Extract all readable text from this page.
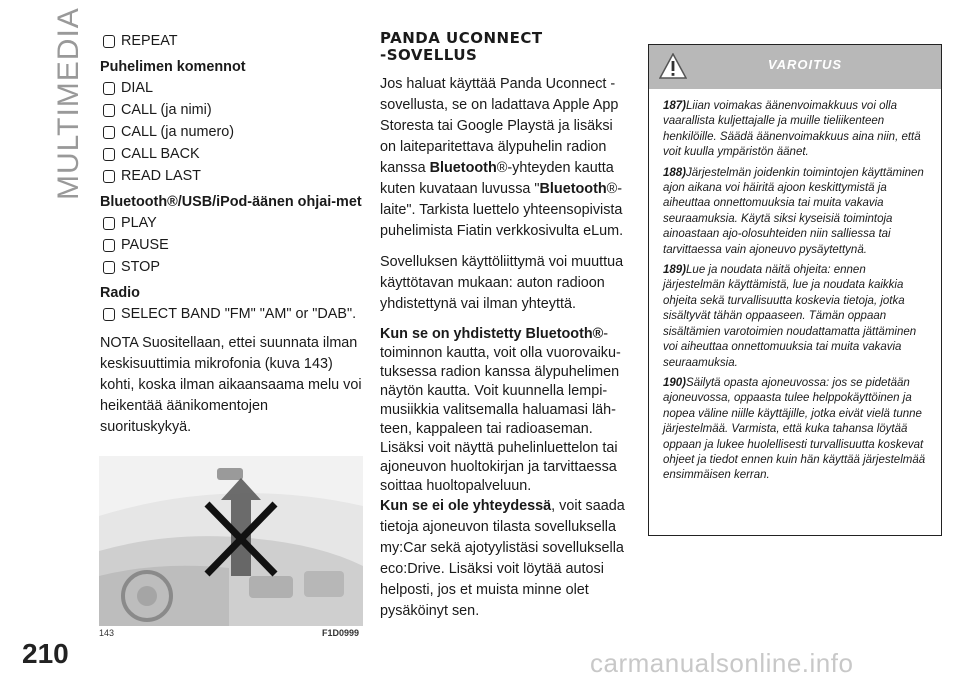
MULTIMEDIA
210
REPEAT
Puhelimen komennot
DIAL
CALL (ja nimi)
CALL (ja numero)
CALL BACK
READ LAST
Bluetooth®/USB/iPod-äänen ohjai-met
PLAY
PAUSE
STOP
Radio
SELECT BAND "FM" "AM" or "DAB".

NOTA Suositellaan, ettei suunnata ilman keskisuuttimia mikrofonia (kuva 143) kohti, koska ilman aikaansaama melu voi heikentää äänikomentojen suorituskykyä.

143	F1D0999
PANDA UCONNECT
-SOVELLUS

Jos haluat käyttää Panda Uconnect -sovellusta, se on ladattava Apple App Storesta tai Google Playstä ja lisäksi on laiteparitettava älypuhelin radion kanssa Bluetooth®-yhteyden kautta kuten kuvataan luvussa "Bluetooth®-laite". Tarkista luettelo yhteensopivista puhelimista Fiatin verkkosivulta eLum.

Sovelluksen käyttöliittymä voi muuttua käyttötavan mukaan: auton radioon yhdistettynä vai ilman yhteyttä.

Kun se on yhdistetty Bluetooth®-toiminnon kautta, voit olla vuorovaiku-tuksessa radion kanssa älypuhelimen näytön kautta. Voit kuunnella lempi-musiikkia valitsemalla haluamasi läh-teen, kappaleen tai radioaseman. Lisäksi voit näyttä puhelinluettelon tai ajoneuvon huoltokirjan ja tarvittaessa soittaa huoltopalveluun.

Kun se ei ole yhteydessä, voit saada tietoja ajoneuvon tilasta sovelluksella my:Car sekä ajotyylistäsi sovelluksella eco:Drive. Lisäksi voit löytää autosi helposti, jos et muista minne olet pysäköinyt sen.

VAROITUS
187)Liian voimakas äänenvoimakkuus voi olla vaarallista kuljettajalle ja muille tieliikenteen henkilöille. Säädä äänenvoimakkuus aina niin, että voit kuulla ympäristön äänet.
188)Järjestelmän joidenkin toimintojen käyttäminen ajon aikana voi häiritä ajoon keskittymistä ja aiheuttaa onnettomuuksia tai muita vakavia seuraamuksia. Käytä siksi kyseisiä toimintoja ainoastaan ajo-olosuhteiden niin salliessa tai tarvittaessa vain ajoneuvo pysäytettynä.
189)Lue ja noudata näitä ohjeita: ennen järjestelmän käyttämistä, lue ja noudata kaikkia ohjeita sekä turvallisuutta koskevia tietoja, jotka sisältyvät tähän oppaaseen. Tämän oppaan sisältämien varotoimien noudattamatta jättäminen voi aiheuttaa onnettomuuksia tai muita vakavia seuraamuksia.
190)Säilytä opasta ajoneuvossa: jos se pidetään ajoneuvossa, oppaasta tulee helppokäyttöinen ja nopea väline niille käyttäjille, jotka eivät vielä tunne järjestelmää. Varmista, että kuka tahansa löytää oppaan ja lukee huolellisesti turvallisuutta koskevat ohjeet ja tiedot ennen kuin hän käyttää järjestelmää ensimmäisen kerran.
carmanualsonline.info
